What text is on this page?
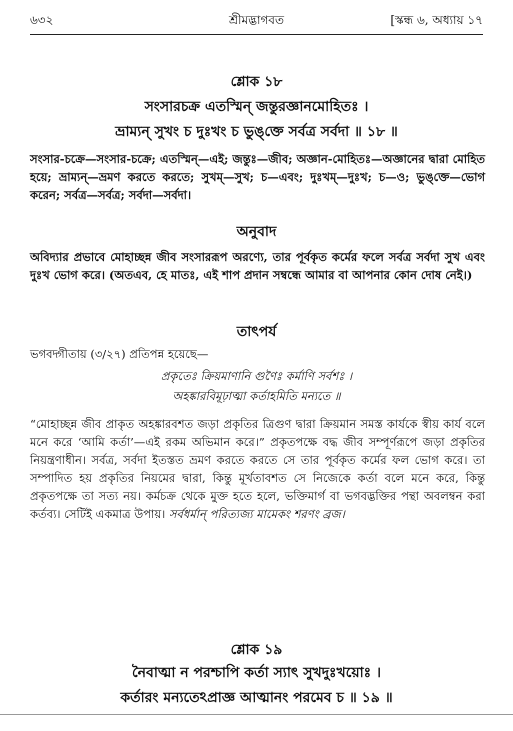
৬৩২	শ্রীমদ্ভাগবত	[স্কন্ধ ৬, অধ্যায় ১৭
শ্লোক ১৮
সংসারচক্র এতস্মিন্ জন্তুরজ্ঞানমোহিতঃ ।
ভ্রাম্যন্ সুখং চ দুঃখং চ ভুঙ্‌ক্তে সর্বত্র সর্বদা ॥ ১৮ ॥
সংসার-চক্রে—সংসার-চক্রে; এতস্মিন্—এই; জন্তুঃ—জীব; অজ্ঞান-মোহিতঃ—অজ্ঞানের দ্বারা মোহিত হয়ে; ভ্রাম্যন্—ভ্রমণ করতে করতে; সুখম্—সুখ; চ—এবং; দুঃখম্—দুঃখ; চ—ও; ভুঙ্‌ক্তে—ভোগ করেন; সর্বত্র—সর্বত্র; সর্বদা—সর্বদা।
অনুবাদ
অবিদ্যার প্রভাবে মোহাচ্ছন্ন জীব সংসাররূপ অরণ্যে, তার পূর্বকৃত কর্মের ফলে সর্বত্র সর্বদা সুখ এবং দুঃখ ভোগ করে। (অতএব, হে মাতঃ, এই শাপ প্রদান সম্বন্ধে আমার বা আপনার কোন দোষ নেই।)
তাৎপর্য
ভগবদ্গীতায় (৩/২৭) প্রতিপন্ন হয়েছে—
প্রকৃতেঃ ক্রিয়মাণানি গুণৈঃ কর্মাণি সর্বশঃ ।
অহঙ্কারবিমূঢ়াত্মা কর্তাহমিতি মন্যতে ॥
“মোহাচ্ছন্ন জীব প্রাকৃত অহঙ্কারবশত জড়া প্রকৃতির ত্রিগুণ দ্বারা ক্রিয়মান সমস্ত কার্যকে স্বীয় কার্য বলে মনে করে ‘আমি কর্তা’—এই রকম অভিমান করে।” প্রকৃতপক্ষে বদ্ধ জীব সম্পূর্ণরূপে জড়া প্রকৃতির নিয়ন্ত্রণাধীন। সর্বত্র, সর্বদা ইতস্তত ভ্রমণ করতে করতে সে তার পূর্বকৃত কর্মের ফল ভোগ করে। তা সম্পাদিত হয় প্রকৃতির নিয়মের দ্বারা, কিন্তু মূর্খতাবশত সে নিজেকে কর্তা বলে মনে করে, কিন্তু প্রকৃতপক্ষে তা সত্য নয়। কর্মচক্র থেকে মুক্ত হতে হলে, ভক্তিমার্গ বা ভগবদ্ভক্তির পন্থা অবলম্বন করা কর্তব্য। সেটিই একমাত্র উপায়। সর্বধর্মান্ পরিত্যজ্য মামেকং শরণং ব্রজ।
শ্লোক ১৯
নৈবাত্মা ন পরশ্চাপি কর্তা স্যাৎ সুখদুঃখয়োঃ ।
কর্তারং মন্যতেঽপ্রাজ্ঞ আত্মানং পরমেব চ ॥ ১৯ ॥
